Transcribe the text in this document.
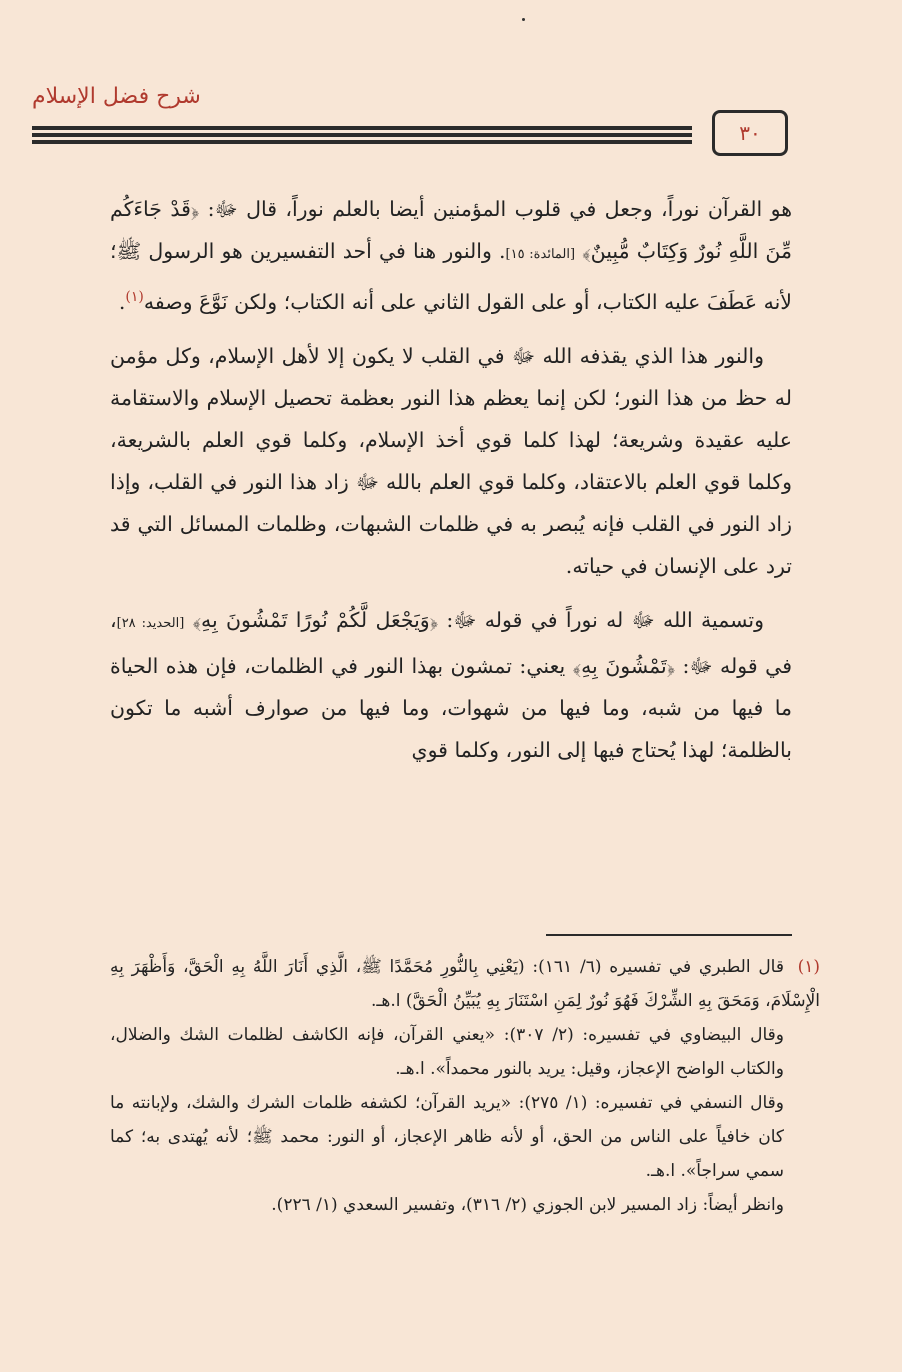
شرح فضل الإسلام
٣٠

هو القرآن نوراً، وجعل في قلوب المؤمنين أيضا بالعلم نوراً، قال ﷻ: ﴿قَدْ جَاءَكُم مِّنَ اللَّهِ نُورٌ وَكِتَابٌ مُّبِينٌ﴾ [المائدة: ١٥]. والنور هنا في أحد التفسيرين هو الرسول ﷺ؛ لأنه عَطَفَ عليه الكتاب، أو على القول الثاني على أنه الكتاب؛ ولكن نَوَّعَ وصفه$^{(١)}$.

والنور هذا الذي يقذفه الله ﷻ في القلب لا يكون إلا لأهل الإسلام، وكل مؤمن له حظ من هذا النور؛ لكن إنما يعظم هذا النور بعظمة تحصيل الإسلام والاستقامة عليه عقيدة وشريعة؛ لهذا كلما قوي أخذ الإسلام، وكلما قوي العلم بالشريعة، وكلما قوي العلم بالاعتقاد، وكلما قوي العلم بالله ﷻ زاد هذا النور في القلب، وإذا زاد النور في القلب فإنه يُبصر به في ظلمات الشبهات، وظلمات المسائل التي قد ترد على الإنسان في حياته.

وتسمية الله ﷻ له نوراً في قوله ﷻ: ﴿وَيَجْعَل لَّكُمْ نُورًا تَمْشُونَ بِهِ﴾ [الحديد: ٢٨]، في قوله ﷻ: ﴿تَمْشُونَ بِهِ﴾ يعني: تمشون بهذا النور في الظلمات، فإن هذه الحياة ما فيها من شبه، وما فيها من شهوات، وما فيها من صوارف أشبه ما تكون بالظلمة؛ لهذا يُحتاج فيها إلى النور، وكلما قوي

(١)قال الطبري في تفسيره (٦/ ١٦١): (يَعْنِي بِالنُّورِ مُحَمَّدًا ﷺ، الَّذِي أَنَارَ اللَّهُ بِهِ الْحَقَّ، وَأَظْهَرَ بِهِ الْإِسْلَامَ، وَمَحَقَ بِهِ الشِّرْكَ فَهُوَ نُورٌ لِمَنِ اسْتَنَارَ بِهِ يُبَيِّنُ الْحَقَّ) ا.هـ.

وقال البيضاوي في تفسيره: (٢/ ٣٠٧): «يعني القرآن، فإنه الكاشف لظلمات الشك والضلال، والكتاب الواضح الإعجاز، وقيل: يريد بالنور محمداً». ا.هـ.

وقال النسفي في تفسيره: (١/ ٢٧٥): «يريد القرآن؛ لكشفه ظلمات الشرك والشك، ولإبانته ما كان خافياً على الناس من الحق، أو لأنه ظاهر الإعجاز، أو النور: محمد ﷺ؛ لأنه يُهتدى به؛ كما سمي سراجاً». ا.هـ.

وانظر أيضاً: زاد المسير لابن الجوزي (٢/ ٣١٦)، وتفسير السعدي (١/ ٢٢٦).
